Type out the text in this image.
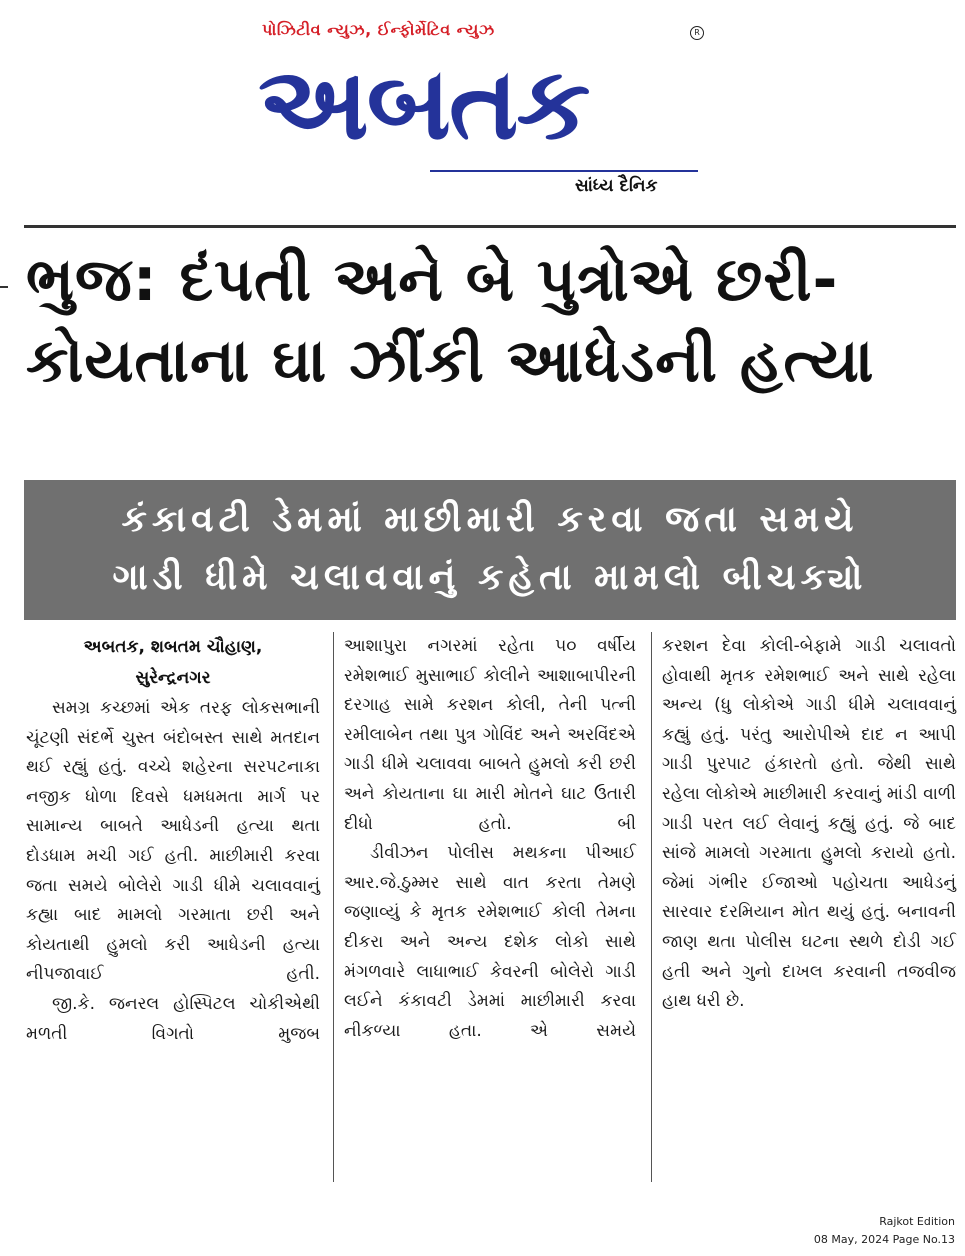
પોઝિટીવ ન્યુઝ, ઈન્ફોર્મેટિવ ન્યુઝ	R
અબતક
સાંધ્ય દૈનિક
ભુજ: દંપતી અને બે પુત્રોએ છરી-
કોયતાના ઘા ઝીંકી આધેડની હત્યા
કંકાવટી ડેમમાં માછીમારી કરવા જતા સમયે
ગાડી ધીમે ચલાવવાનું કહેતા મામલો બીચક્યો

અબતક, શબતમ ચૌહાણ,

સુરેન્દ્રનગર

સમગ્ર કચ્છમાં એક તરફ લોકસભાની ચૂંટણી સંદર્ભે ચુસ્ત બંદોબસ્ત સાથે મતદાન થઈ રહ્યું હતું. વચ્ચે શહેરના સરપટનાકા નજીક ધોળા દિવસે ધમધમતા માર્ગ પર સામાન્ય બાબતે આધેડની હત્યા થતા દોડધામ મચી ગઈ હતી. માછીમારી કરવા જતા સમયે બોલેરો ગાડી ધીમે ચલાવવાનું કહ્યા બાદ મામલો ગરમાતા છરી અને કોયતાથી હુમલો કરી આધેડની હત્યા નીપજાવાઈ હતી.

જી.કે. જનરલ હોસ્પિટલ ચોકીએથી મળતી વિગતો મુજબ

આશાપુરા નગરમાં રહેતા ૫૦ વર્ષીય રમેશભાઈ મુસાભાઈ કોલીને આશાબાપીરની દરગાહ સામે કરશન કોલી, તેની પત્ની રમીલાબેન તથા પુત્ર ગોવિંદ અને અરવિંદએ ગાડી ધીમે ચલાવવા બાબતે હુમલો કરી છરી અને કોયતાના ઘા મારી મોતને ઘાટ ઉતારી દીધો હતો. બી

ડીવીઝન પોલીસ મથકના પીઆઈ આર.જે.ઠુમ્મર સાથે વાત કરતા તેમણે જણાવ્યું કે મૃતક રમેશભાઈ કોલી તેમના દીકરા અને અન્ય દશેક લોકો સાથે મંગળવારે લાધાભાઈ કેવરની બોલેરો ગાડી લઈને કંકાવટી ડેમમાં માછીમારી કરવા નીકળ્યા હતા. એ સમયે

કરશન દેવા કોલી-બેફામે ગાડી ચલાવતો હોવાથી મૃતક રમેશભાઈ અને સાથે રહેલા અન્ય (ધુ લોકોએ ગાડી ધીમે ચલાવવાનું કહ્યું હતું. પરંતુ આરોપીએ દાદ ન આપી ગાડી પુરપાટ હંકારતો હતો. જેથી સાથે રહેલા લોકોએ માછીમારી કરવાનું માંડી વાળી ગાડી પરત લઈ લેવાનું કહ્યું હતું. જે બાદ સાંજે મામલો ગરમાતા હુમલો કરાયો હતો. જેમાં ગંભીર ઈજાઓ પહોચતા આધેડનું સારવાર દરમિયાન મોત થયું હતું. બનાવની જાણ થતા પોલીસ ઘટના સ્થળે દોડી ગઈ હતી અને ગુનો દાખલ કરવાની તજવીજ હાથ ધરી છે.

Rajkot Edition
08 May, 2024 Page No.13
